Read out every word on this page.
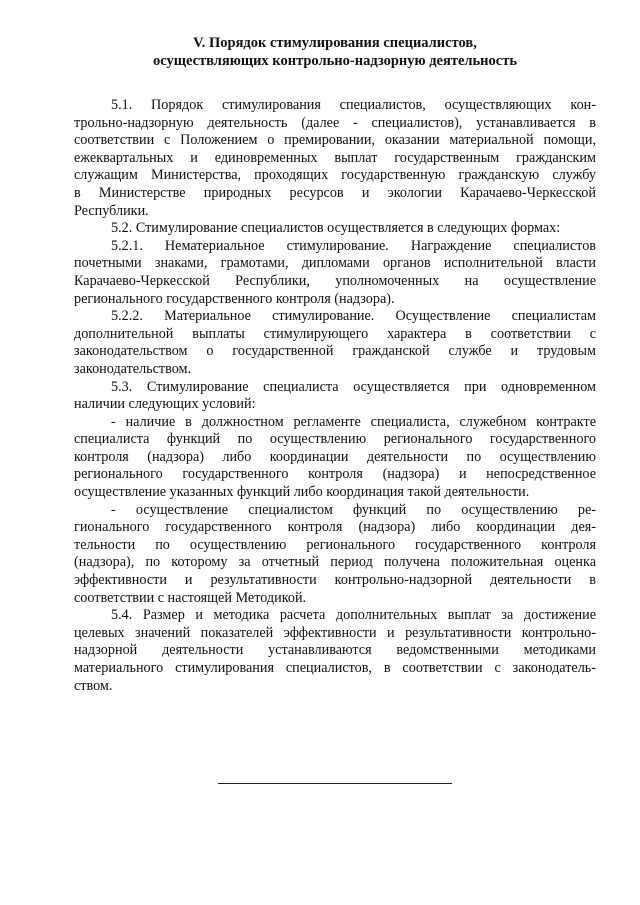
V. Порядок стимулирования специалистов,
осуществляющих контрольно-надзорную деятельность
5.1. Порядок стимулирования специалистов, осуществляющих кон-
трольно-надзорную деятельность (далее - специалистов), устанавливается в
соответствии с Положением о премировании, оказании материальной помощи,
ежеквартальных и единовременных выплат государственным гражданским
служащим Министерства, проходящих государственную гражданскую службу
в Министерстве природных ресурсов и экологии Карачаево-Черкесской
Республики.
5.2. Стимулирование специалистов осуществляется в следующих формах:
5.2.1. Нематериальное стимулирование. Награждение специалистов
почетными знаками, грамотами, дипломами органов исполнительной власти
Карачаево-Черкесской Республики, уполномоченных на осуществление
регионального государственного контроля (надзора).
5.2.2. Материальное стимулирование. Осуществление специалистам
дополнительной выплаты стимулирующего характера в соответствии с
законодательством о государственной гражданской службе и трудовым
законодательством.
5.3. Стимулирование специалиста осуществляется при одновременном
наличии следующих условий:
- наличие в должностном регламенте специалиста, служебном контракте
специалиста функций по осуществлению регионального государственного
контроля (надзора) либо координации деятельности по осуществлению
регионального государственного контроля (надзора) и непосредственное
осуществление указанных функций либо координация такой деятельности.
- осуществление специалистом функций по осуществлению ре-
гионального государственного контроля (надзора) либо координации дея-
тельности по осуществлению регионального государственного контроля
(надзора), по которому за отчетный период получена положительная оценка
эффективности и результативности контрольно-надзорной деятельности в
соответствии с настоящей Методикой.
5.4. Размер и методика расчета дополнительных выплат за достижение
целевых значений показателей эффективности и результативности контрольно-
надзорной деятельности устанавливаются ведомственными методиками
материального стимулирования специалистов, в соответствии с законодатель-
ством.
